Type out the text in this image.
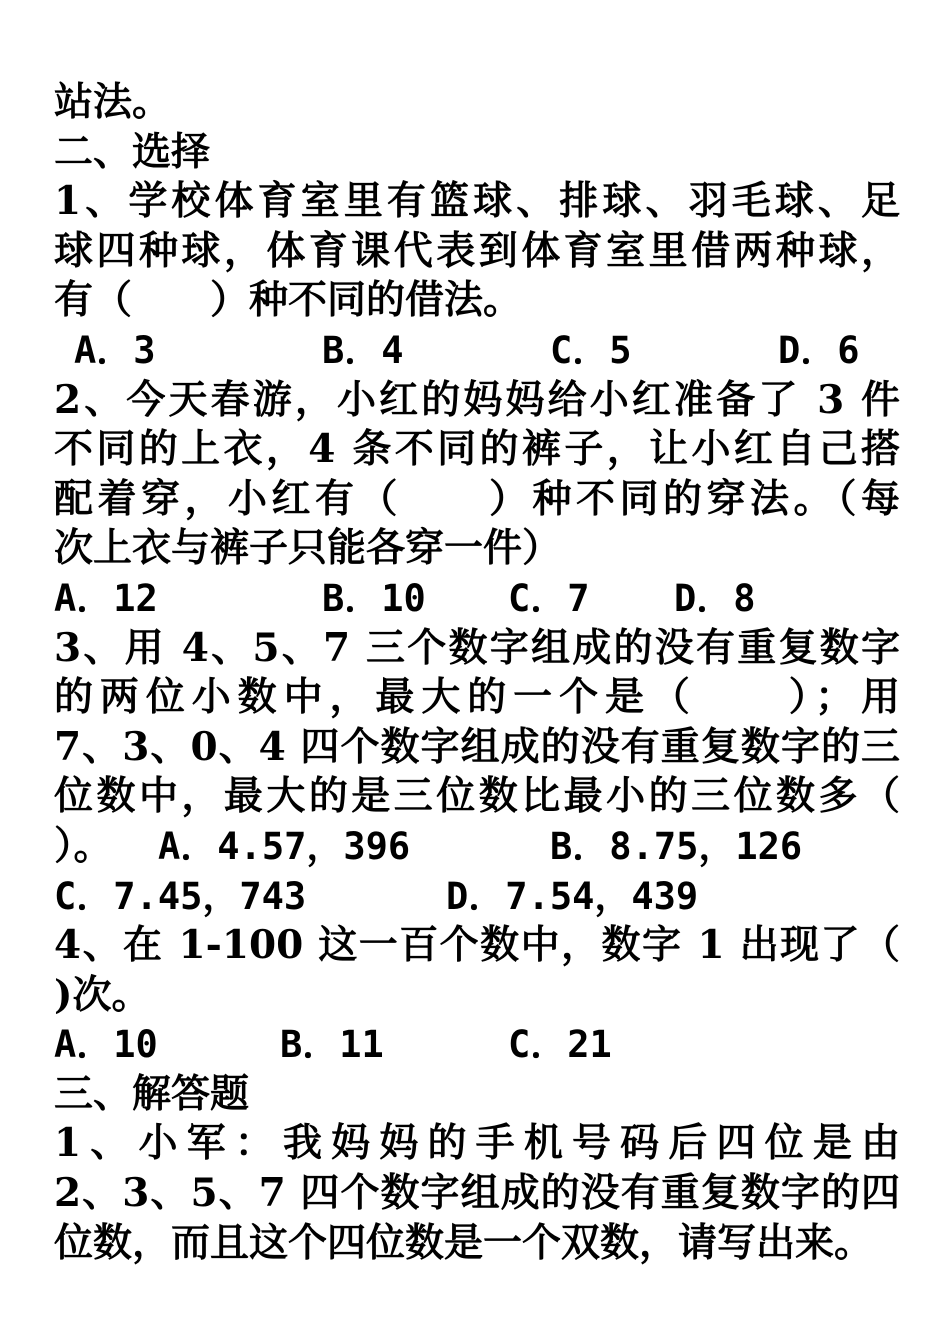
站法。
二、选择
1、学校体育室里有篮球、排球、羽毛球、足
球四种球，体育课代表到体育室里借两种球，
有（　　）种不同的借法。
A．3	B．4	C．5	D．6
2、今天春游，小红的妈妈给小红准备了 3 件
不同的上衣，4 条不同的裤子，让小红自己搭
配着穿，小红有（　　）种不同的穿法。（每
次上衣与裤子只能各穿一件）
A．12	B．10 C．7 D．8
3、用 4、5、7 三个数字组成的没有重复数字
的两位小数中，最大的一个是（　　）；用
7、3、0、4 四个数字组成的没有重复数字的三
位数中，最大的是三位数比最小的三位数多（
）。 A．4.57，396	B．8.75，126
C．7.45，743	D．7.54，439
4、在 1-100 这一百个数中，数字 1 出现了（
)次。
A．10	B．11	C．21
三、解答题
1、小军：我妈妈的手机号码后四位是由
2、3、5、7 四个数字组成的没有重复数字的四
位数，而且这个四位数是一个双数，请写出来。
